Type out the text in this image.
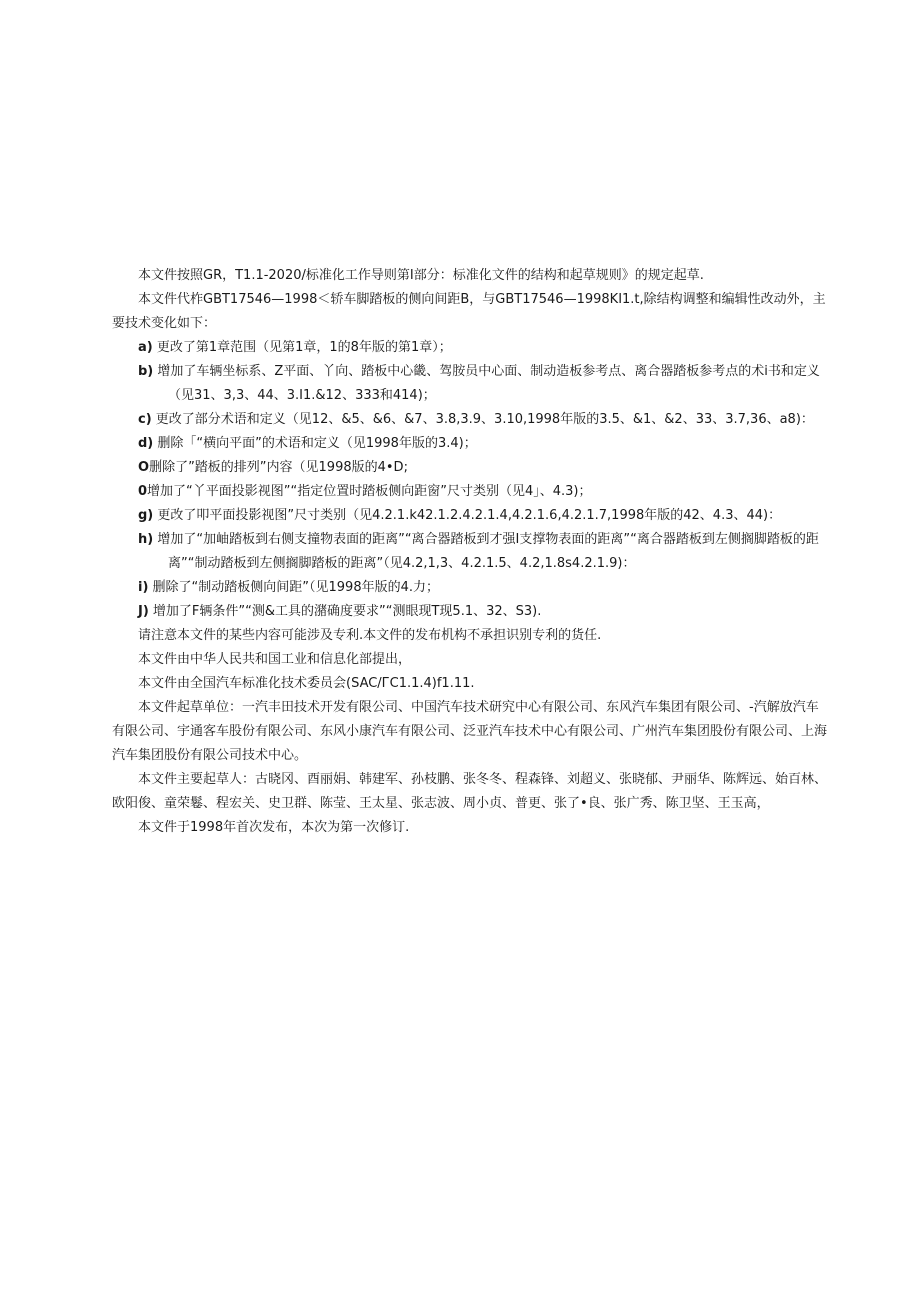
本文件按照GR，T1.1-2020/标准化工作导则第I部分：标准化文件的结构和起草规则》的规定起草.

本文件代柞GBT17546—1998＜轿车脚踏板的侧向间距B，与GBT17546—1998KI1.t,除结构调整和编辑性改动外，主要技术变化如下：

a) 更改了第1章范围（见第1章，1的8年版的第1章）；

b) 增加了车辆坐标系、Z平面、丫向、踏板中心畿、驾胺员中心面、制动造板参考点、离合器踏板参考点的术i书和定义（见31、3,3、44、3.I1.&12、333和414)；

c) 更改了部分术语和定义（见12、&5、&6、&7、3.8,3.9、3.10,1998年版的3.5、&1、&2、33、3.7,36、a8)：

d) 删除「“横向平面”的术语和定义（见1998年版的3.4)；

O删除了”踏板的排列”内容（见1998版的4•D;

0增加了“丫平面投影视图”“指定位置时踏板侧向距窗”尺寸类别（见4」、4.3)；

g) 更改了叩平面投影视图”尺寸类别（见4.2.1.k42.1.2.4.2.1.4,4.2.1.6,4.2.1.7,1998年版的42、4.3、44)：

h) 增加了“加岫踏板到右侧支撞物表面的距离”“离合器踏板到才强I支撑物表面的距离”“离合器踏板到左侧搁脚踏板的距离”“制动踏板到左侧搁脚踏板的距离”（见4.2,1,3、4.2.1.5、4.2,1.8s4.2.1.9)：

i) 删除了“制动踏板侧向间距”（见1998年版的4.力；

J) 增加了F辆条件”“测&工具的潴确度要求”“测眼现T现5.1、32、S3).

请注意本文件的某些内容可能涉及专利.本文件的发布机构不承担识别专利的货任.

本文件由中华人民共和国工业和信息化部提出，

本文件由全国汽车标准化技术委员会(SAC/ГC1.1.4)f1.11.

本文件起草单位：一汽丰田技术开发有限公司、中国汽车技术研究中心有限公司、东风汽车集团有限公司、-汽解放汽车有限公司、宇通客车股份有限公司、东风小康汽车有限公司、泛亚汽车技术中心有限公司、广州汽车集团股份有限公司、上海汽车集团股份有限公司技术中心。

本文件主要起草人：古晓冈、酉丽娟、韩建军、孙枝鹏、张冬冬、程森锋、刘超义、张晓郁、尹丽华、陈辉远、始百林、欧阳俊、童荣鬈、程宏关、史卫群、陈莹、王太星、张志波、周小贞、普更、张了•良、张广秀、陈卫坚、王玉高，

本文件于1998年首次发布，本次为第一次修订.
